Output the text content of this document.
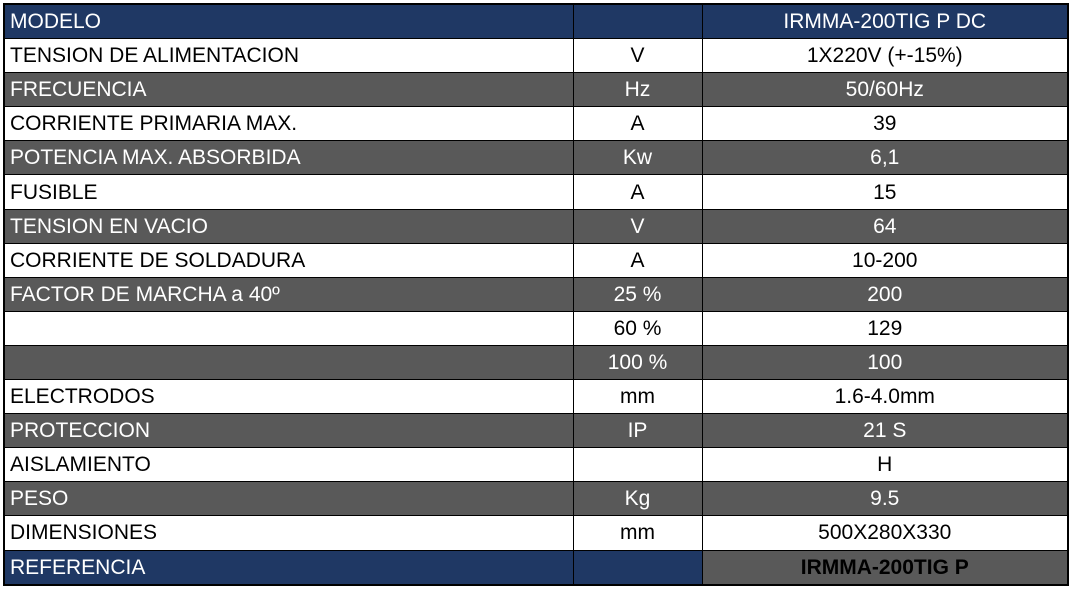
MODELO		IRMMA-200TIG P DC
TENSION DE ALIMENTACION	V	1X220V (+-15%)
FRECUENCIA	Hz	50/60Hz
CORRIENTE PRIMARIA MAX.	A	39
POTENCIA MAX. ABSORBIDA	Kw	6,1
FUSIBLE	A	15
TENSION EN VACIO	V	64
CORRIENTE DE SOLDADURA	A	10-200
FACTOR DE MARCHA a 40º	25 %	200
	60 %	129
	100 %	100
ELECTRODOS	mm	1.6-4.0mm
PROTECCION	IP	21 S
AISLAMIENTO		H
PESO	Kg	9.5
DIMENSIONES	mm	500X280X330
REFERENCIA		IRMMA-200TIG P
